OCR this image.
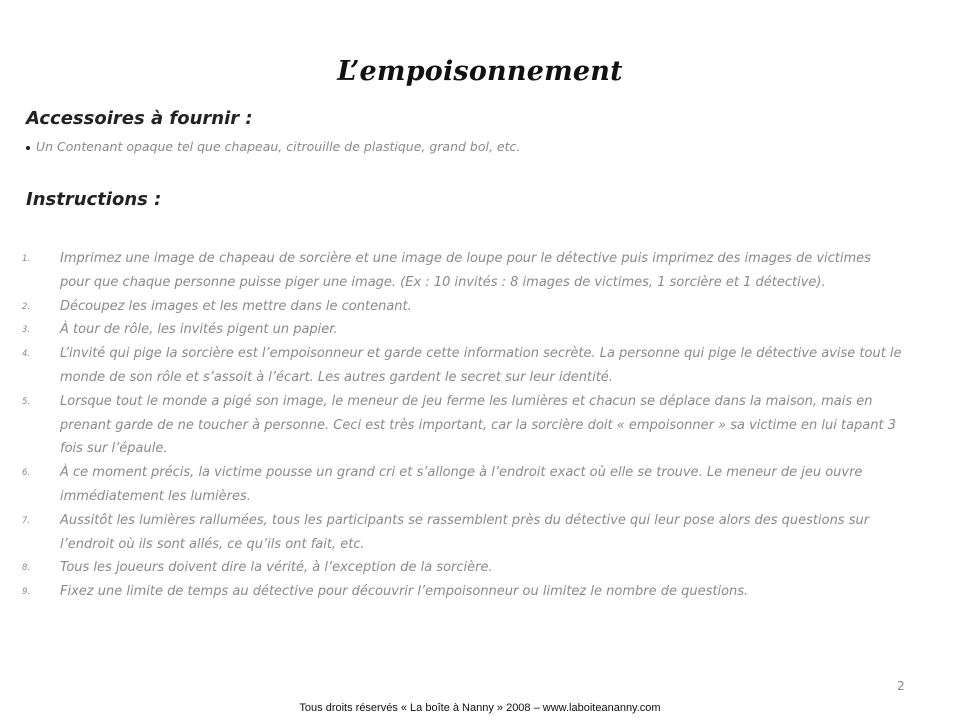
L’empoisonnement
Accessoires à fournir :
Un Contenant opaque tel que chapeau, citrouille de plastique, grand bol, etc.
Instructions :
1. Imprimez une image de chapeau de sorcière et une image de loupe pour le détective puis imprimez des images de victimes pour que chaque personne puisse piger une image. (Ex : 10 invités : 8 images de victimes, 1 sorcière et 1 détective).
2. Découpez les images et les mettre dans le contenant.
3. À tour de rôle, les invités pigent un papier.
4. L’invité qui pige la sorcière est l’empoisonneur et garde cette information secrète. La personne qui pige le détective avise tout le monde de son rôle et s’assoit à l’écart. Les autres gardent le secret sur leur identité.
5. Lorsque tout le monde a pigé son image, le meneur de jeu ferme les lumières et chacun se déplace dans la maison, mais en prenant garde de ne toucher à personne. Ceci est très important, car la sorcière doit « empoisonner » sa victime en lui tapant 3 fois sur l’épaule.
6. À ce moment précis, la victime pousse un grand cri et s’allonge à l’endroit exact où elle se trouve. Le meneur de jeu ouvre immédiatement les lumières.
7. Aussitôt les lumières rallumées, tous les participants se rassemblent près du détective qui leur pose alors des questions sur l’endroit où ils sont allés, ce qu’ils ont fait, etc.
8. Tous les joueurs doivent dire la vérité, à l’exception de la sorcière.
9. Fixez une limite de temps au détective pour découvrir l’empoisonneur ou limitez le nombre de questions.
2
Tous droits réservés « La boîte à Nanny » 2008 – www.laboiteananny.com
